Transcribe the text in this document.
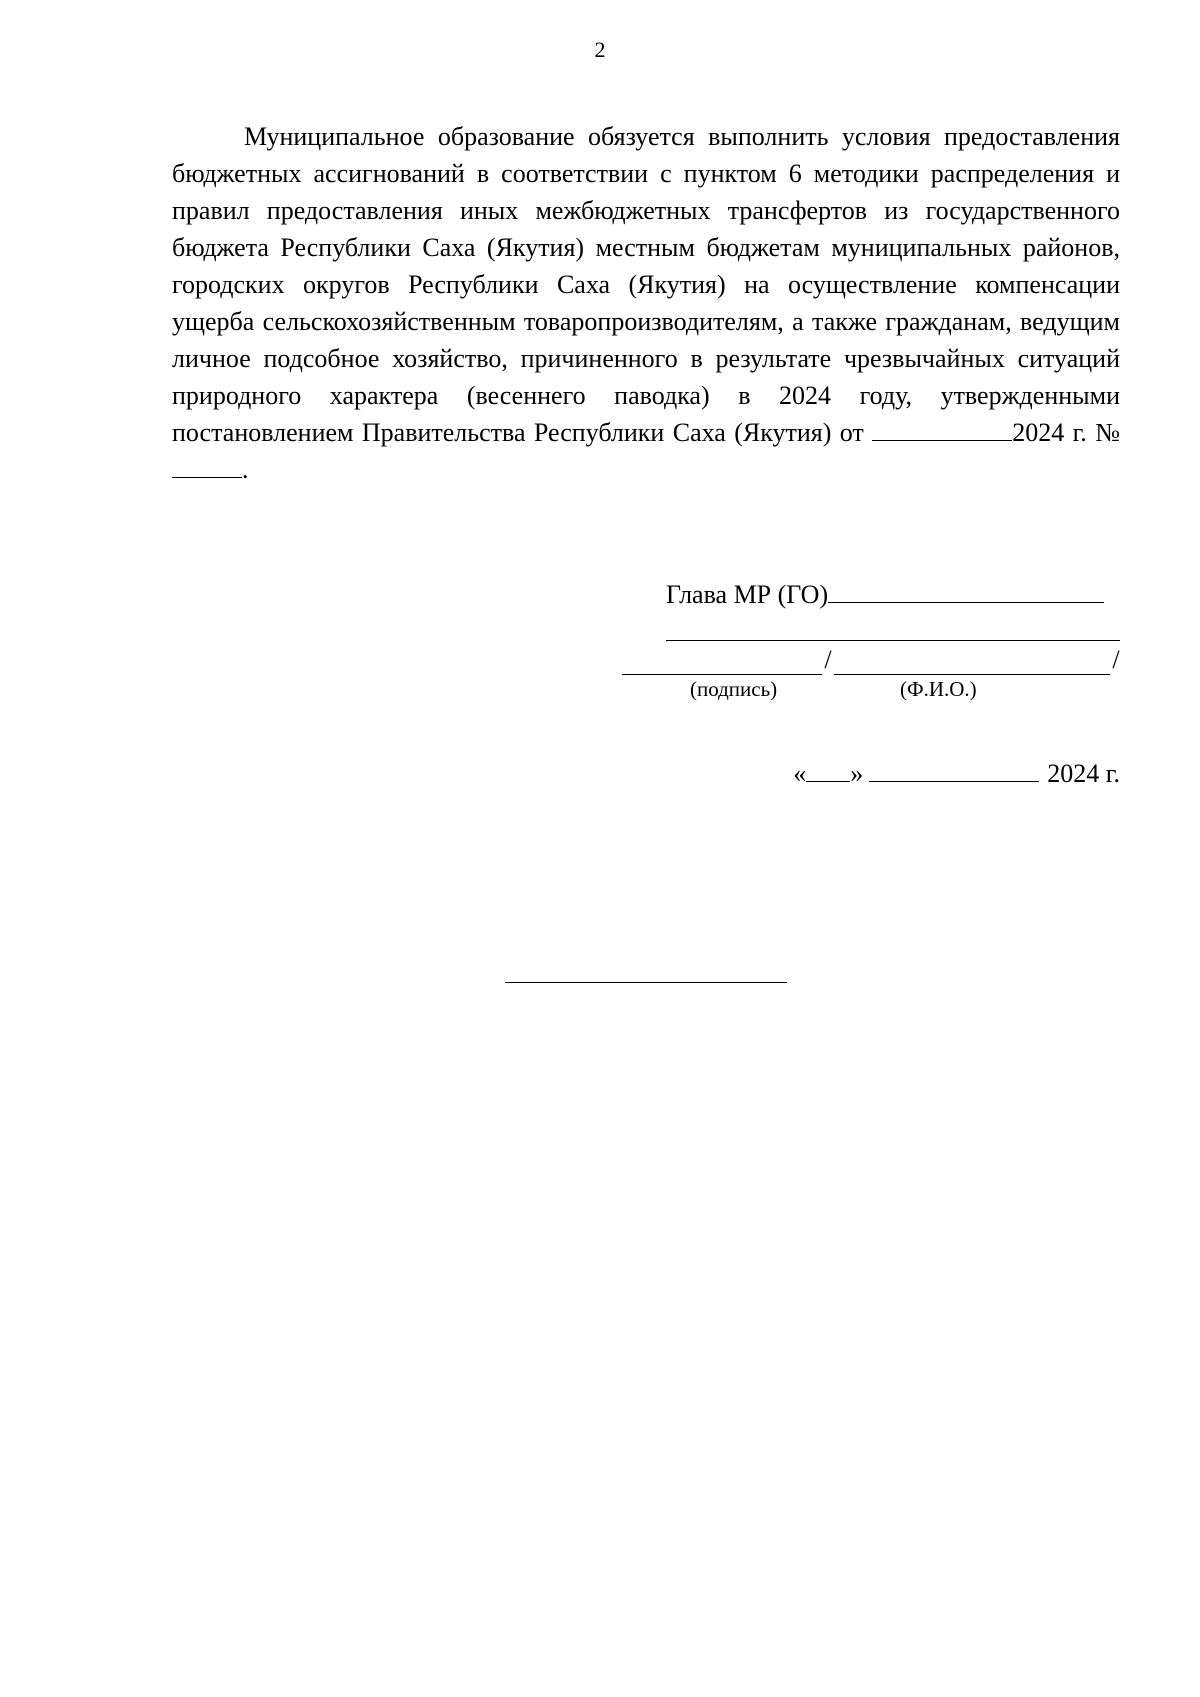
2

Муниципальное образование обязуется выполнить условия предоставления бюджетных ассигнований в соответствии с пунктом 6 методики распределения и правил предоставления иных межбюджетных трансфертов из государственного бюджета Республики Саха (Якутия) местным бюджетам муниципальных районов, городских округов Республики Саха (Якутия) на осуществление компенсации ущерба сельскохозяйственным товаропроизводителям, а также гражданам, ведущим личное подсобное хозяйство, причиненного в результате чрезвычайных ситуаций природного характера (весеннего паводка) в 2024 году, утвержденными постановлением Правительства Республики Саха (Якутия) от	2024 г. №.

Глава МР (ГО)
/	/
(подпись)	(Ф.И.О.)
« »	2024 г.
